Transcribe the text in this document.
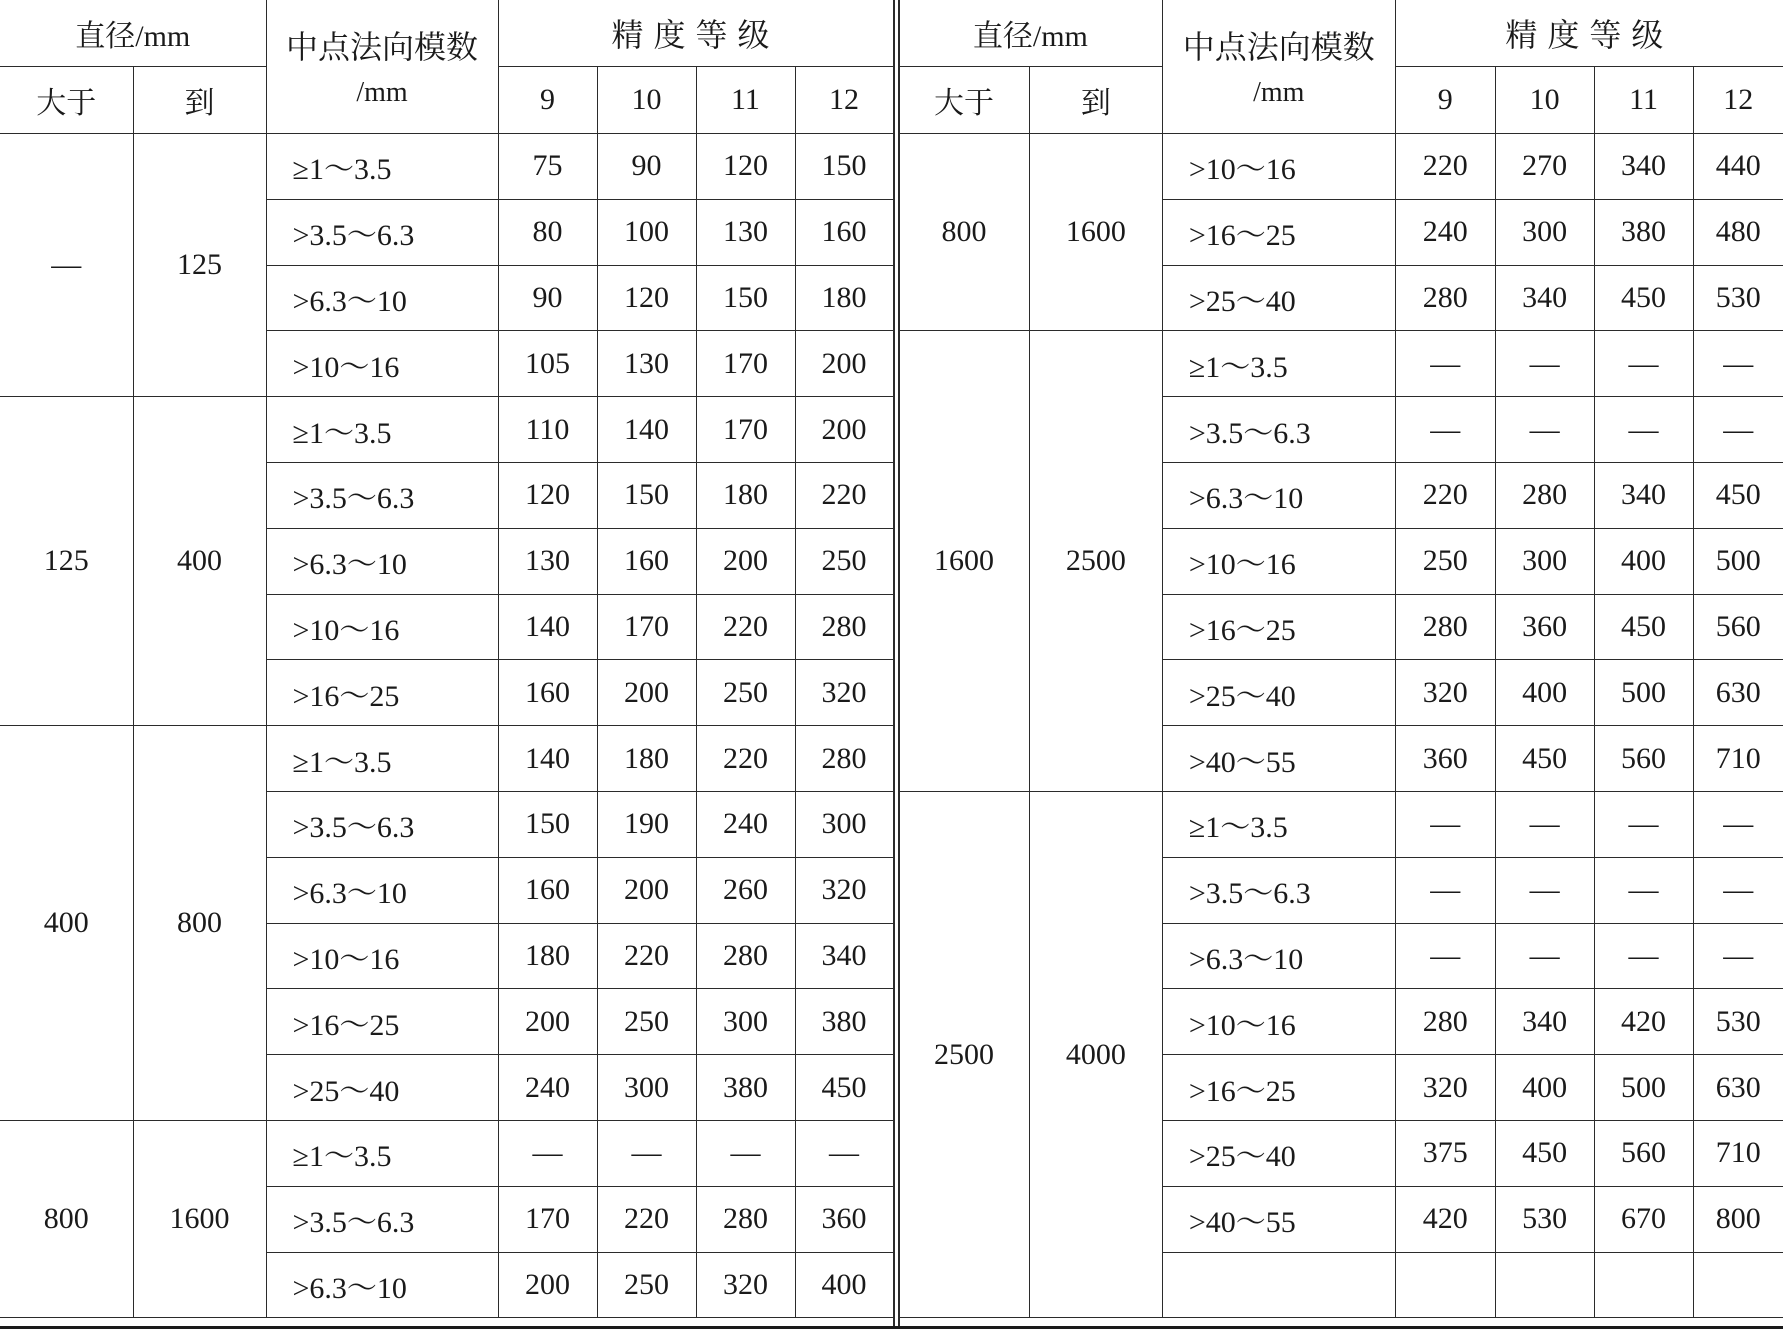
直径/mm		中点法向模数

/mm	精度等级			
大于	到		9	10	11	12
—	125	≥1～3.5	75	90	120	150
		>3.5～6.3	80	100	130	160
		>6.3～10	90	120	150	180
		>10～16	105	130	170	200
125	400	≥1～3.5	110	140	170	200
		>3.5～6.3	120	150	180	220
		>6.3～10	130	160	200	250
		>10～16	140	170	220	280
		>16～25	160	200	250	320
400	800	≥1～3.5	140	180	220	280
		>3.5～6.3	150	190	240	300
		>6.3～10	160	200	260	320
		>10～16	180	220	280	340
		>16～25	200	250	300	380
		>25～40	240	300	380	450
800	1600	≥1～3.5	—	—	—	—
		>3.5～6.3	170	220	280	360
		>6.3～10	200	250	320	400
直径/mm		中点法向模数

/mm	精度等级			
大于	到		9	10	11	12
800	1600	>10～16	220	270	340	440
		>16～25	240	300	380	480
		>25～40	280	340	450	530
1600	2500	≥1～3.5	—	—	—	—
		>3.5～6.3	—	—	—	—
		>6.3～10	220	280	340	450
		>10～16	250	300	400	500
		>16～25	280	360	450	560
		>25～40	320	400	500	630
		>40～55	360	450	560	710
2500	4000	≥1～3.5	—	—	—	—
		>3.5～6.3	—	—	—	—
		>6.3～10	—	—	—	—
		>10～16	280	340	420	530
		>16～25	320	400	500	630
		>25～40	375	450	560	710
		>40～55	420	530	670	800
